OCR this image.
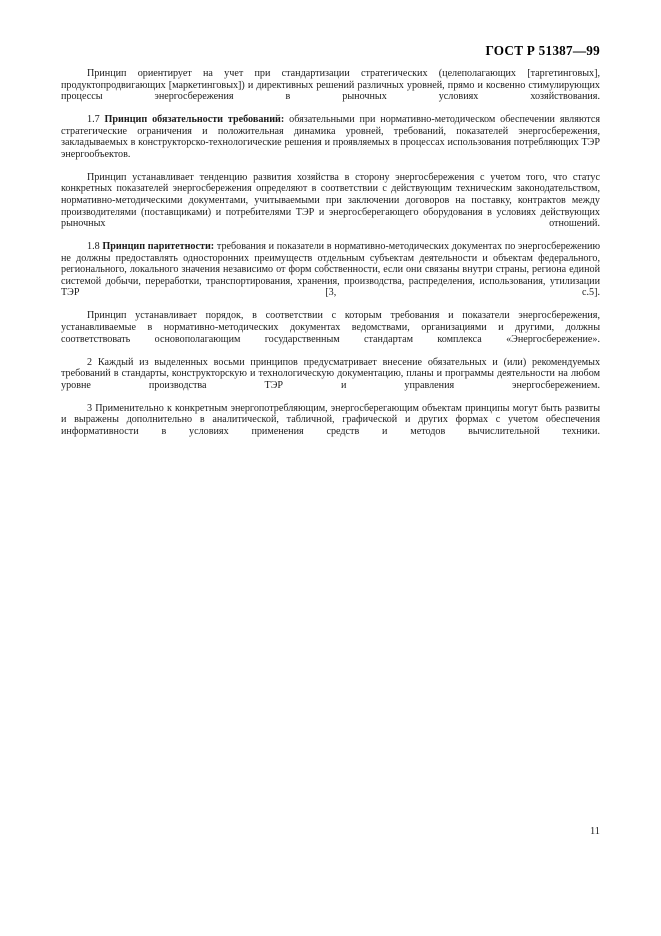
ГОСТ Р 51387—99

Принцип ориентирует на учет при стандартизации стратегических (целеполагающих [таргетинговых], продуктопродвигающих [маркетинговых]) и директивных решений различных уровней, прямо и косвенно стимулирующих процессы энергосбережения в рыночных условиях хозяйствования.

1.7 Принцип обязательности требований: обязательными при нормативно-методическом обеспечении являются стратегические ограничения и положительная динамика уровней, требований, показателей энергосбережения, закладываемых в конструкторско-технологические решения и проявляемых в процессах использования потребляющих ТЭР энергообъектов.

Принцип устанавливает тенденцию развития хозяйства в сторону энергосбережения с учетом того, что статус конкретных показателей энергосбережения определяют в соответствии с действующим техническим законодательством, нормативно-методическими документами, учитываемыми при заключении договоров на поставку, контрактов между производителями (поставщиками) и потребителями ТЭР и энергосберегающего оборудования в условиях действующих рыночных отношений.

1.8 Принцип паритетности: требования и показатели в нормативно-методических документах по энергосбережению не должны предоставлять односторонних преимуществ отдельным субъектам деятельности и объектам федерального, регионального, локального значения независимо от форм собственности, если они связаны внутри страны, региона единой системой добычи, переработки, транспортирования, хранения, производства, распределения, использования, утилизации ТЭР [3, с.5].

Принцип устанавливает порядок, в соответствии с которым требования и показатели энергосбережения, устанавливаемые в нормативно-методических документах ведомствами, организациями и другими, должны соответствовать основополагающим государственным стандартам комплекса «Энергосбережение».

2 Каждый из выделенных восьми принципов предусматривает внесение обязательных и (или) рекомендуемых требований в стандарты, конструкторскую и технологическую документацию, планы и программы деятельности на любом уровне производства ТЭР и управления энергосбережением.

3 Применительно к конкретным энергопотребляющим, энергосберегающим объектам принципы могут быть развиты и выражены дополнительно в аналитической, табличной, графической и других формах с учетом обеспечения информативности в условиях применения средств и методов вычислительной техники.

11
